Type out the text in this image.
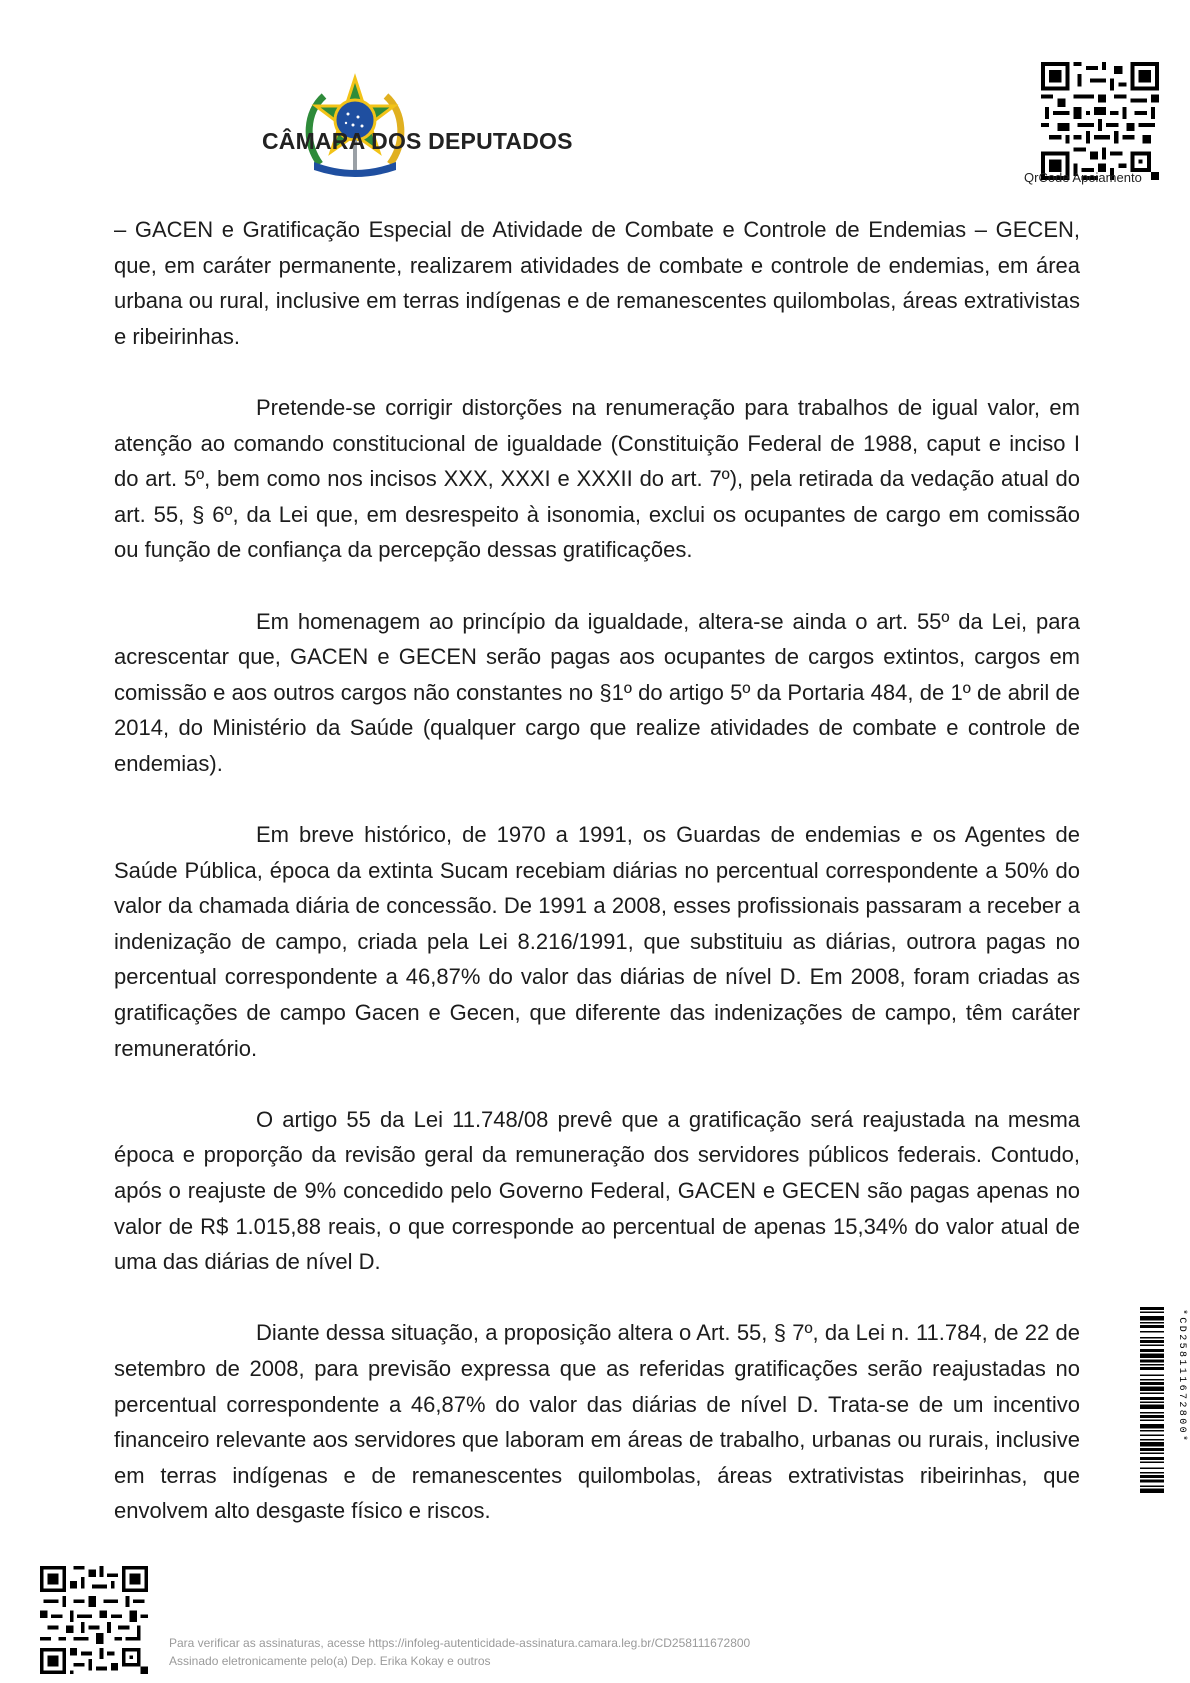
CÂMARA DOS DEPUTADOS
QrCode Apoiamento

– GACEN e Gratificação Especial de Atividade de Combate e Controle de Endemias – GECEN, que, em caráter permanente, realizarem atividades de combate e controle de endemias, em área urbana ou rural, inclusive em terras indígenas e de remanescentes quilombolas, áreas extrativistas e ribeirinhas.

Pretende-se corrigir distorções na renumeração para trabalhos de igual valor, em atenção ao comando constitucional de igualdade (Constituição Federal de 1988, caput e inciso I do art. 5º, bem como nos incisos XXX, XXXI e XXXII do art. 7º), pela retirada da vedação atual do art. 55, § 6º, da Lei que, em desrespeito à isonomia, exclui os ocupantes de cargo em comissão ou função de confiança da percepção dessas gratificações.

Em homenagem ao princípio da igualdade, altera-se ainda o art. 55º da Lei, para acrescentar que, GACEN e GECEN serão pagas aos ocupantes de cargos extintos, cargos em comissão e aos outros cargos não constantes no §1º do artigo 5º da Portaria 484, de 1º de abril de 2014, do Ministério da Saúde (qualquer cargo que realize atividades de combate e controle de endemias).

Em breve histórico, de 1970 a 1991, os Guardas de endemias e os Agentes de Saúde Pública, época da extinta Sucam recebiam diárias no percentual correspondente a 50% do valor da chamada diária de concessão. De 1991 a 2008, esses profissionais passaram a receber a indenização de campo, criada pela Lei 8.216/1991, que substituiu as diárias, outrora pagas no percentual correspondente a 46,87% do valor das diárias de nível D. Em 2008, foram criadas as gratificações de campo Gacen e Gecen, que diferente das indenizações de campo, têm caráter remuneratório.

O artigo 55 da Lei 11.748/08 prevê que a gratificação será reajustada na mesma época e proporção da revisão geral da remuneração dos servidores públicos federais. Contudo, após o reajuste de 9% concedido pelo Governo Federal, GACEN e GECEN são pagas apenas no valor de R$ 1.015,88 reais, o que corresponde ao percentual de apenas 15,34% do valor atual de uma das diárias de nível D.

Diante dessa situação, a proposição altera o Art. 55, § 7º, da Lei n. 11.784, de 22 de setembro de 2008, para previsão expressa que as referidas gratificações serão reajustadas no percentual correspondente a 46,87% do valor das diárias de nível D. Trata-se de um incentivo financeiro relevante aos servidores que laboram em áreas de trabalho, urbanas ou rurais, inclusive em terras indígenas e de remanescentes quilombolas, áreas extrativistas ribeirinhas, que envolvem alto desgaste físico e riscos.

*CD258111672800*
Para verificar as assinaturas, acesse https://infoleg-autenticidade-assinatura.camara.leg.br/CD258111672800
Assinado eletronicamente pelo(a) Dep. Erika Kokay e outros
